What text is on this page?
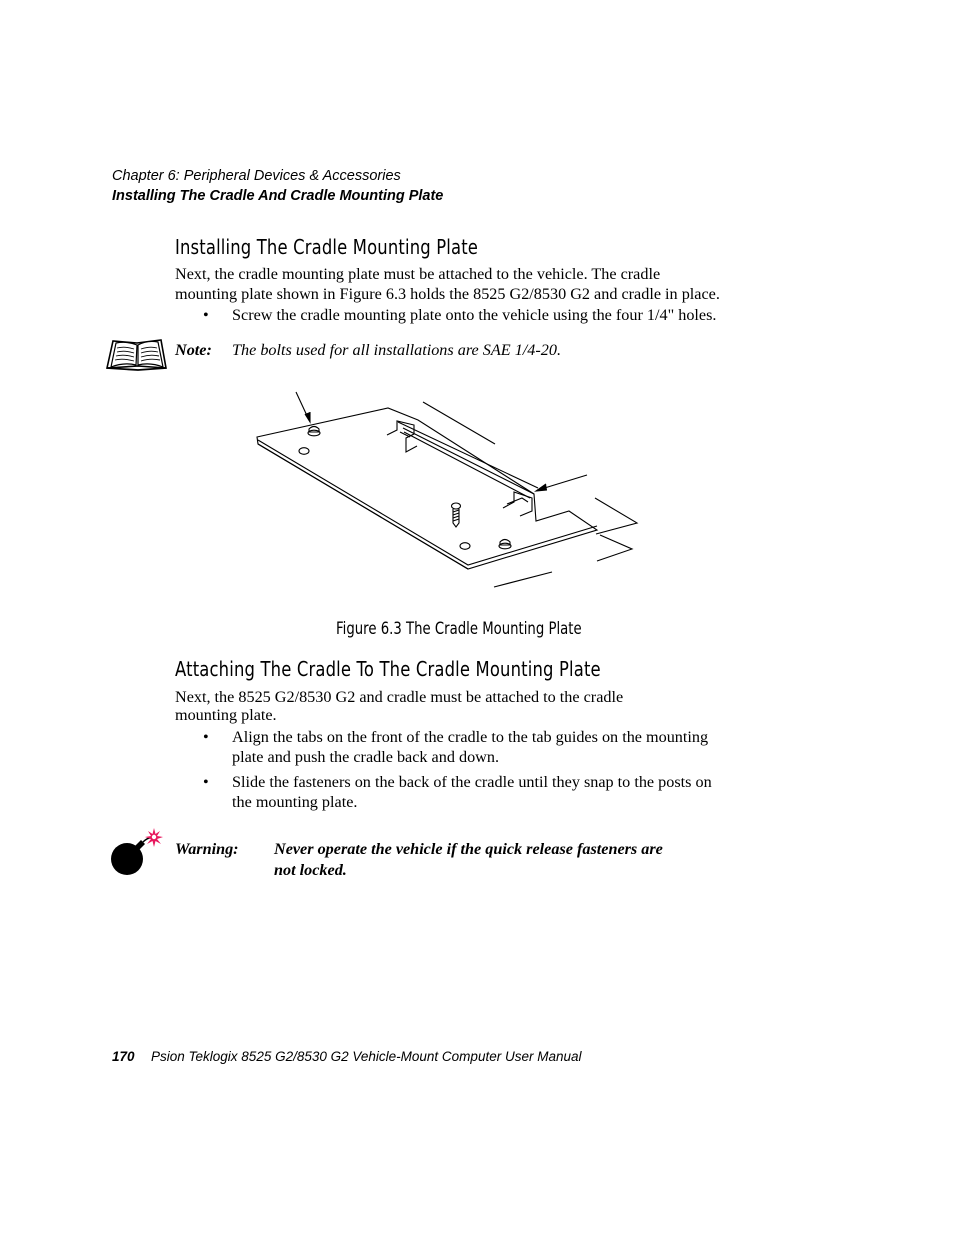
Chapter 6: Peripheral Devices & Accessories
Installing The Cradle And Cradle Mounting Plate
Installing The Cradle Mounting Plate
Next, the cradle mounting plate must be attached to the vehicle. The cradle
mounting plate shown in Figure 6.3 holds the 8525 G2/8530 G2 and cradle in place.
• Screw the cradle mounting plate onto the vehicle using the four 1/4" holes.
Note: The bolts used for all installations are SAE 1/4-20.
Figure 6.3 The Cradle Mounting Plate
Attaching The Cradle To The Cradle Mounting Plate
Next, the 8525 G2/8530 G2 and cradle must be attached to the cradle
mounting plate.
• Align the tabs on the front of the cradle to the tab guides on the mounting
plate and push the cradle back and down.
• Slide the fasteners on the back of the cradle until they snap to the posts on
the mounting plate.
Warning: Never operate the vehicle if the quick release fasteners are
not locked.
170 Psion Teklogix 8525 G2/8530 G2 Vehicle-Mount Computer User Manual
